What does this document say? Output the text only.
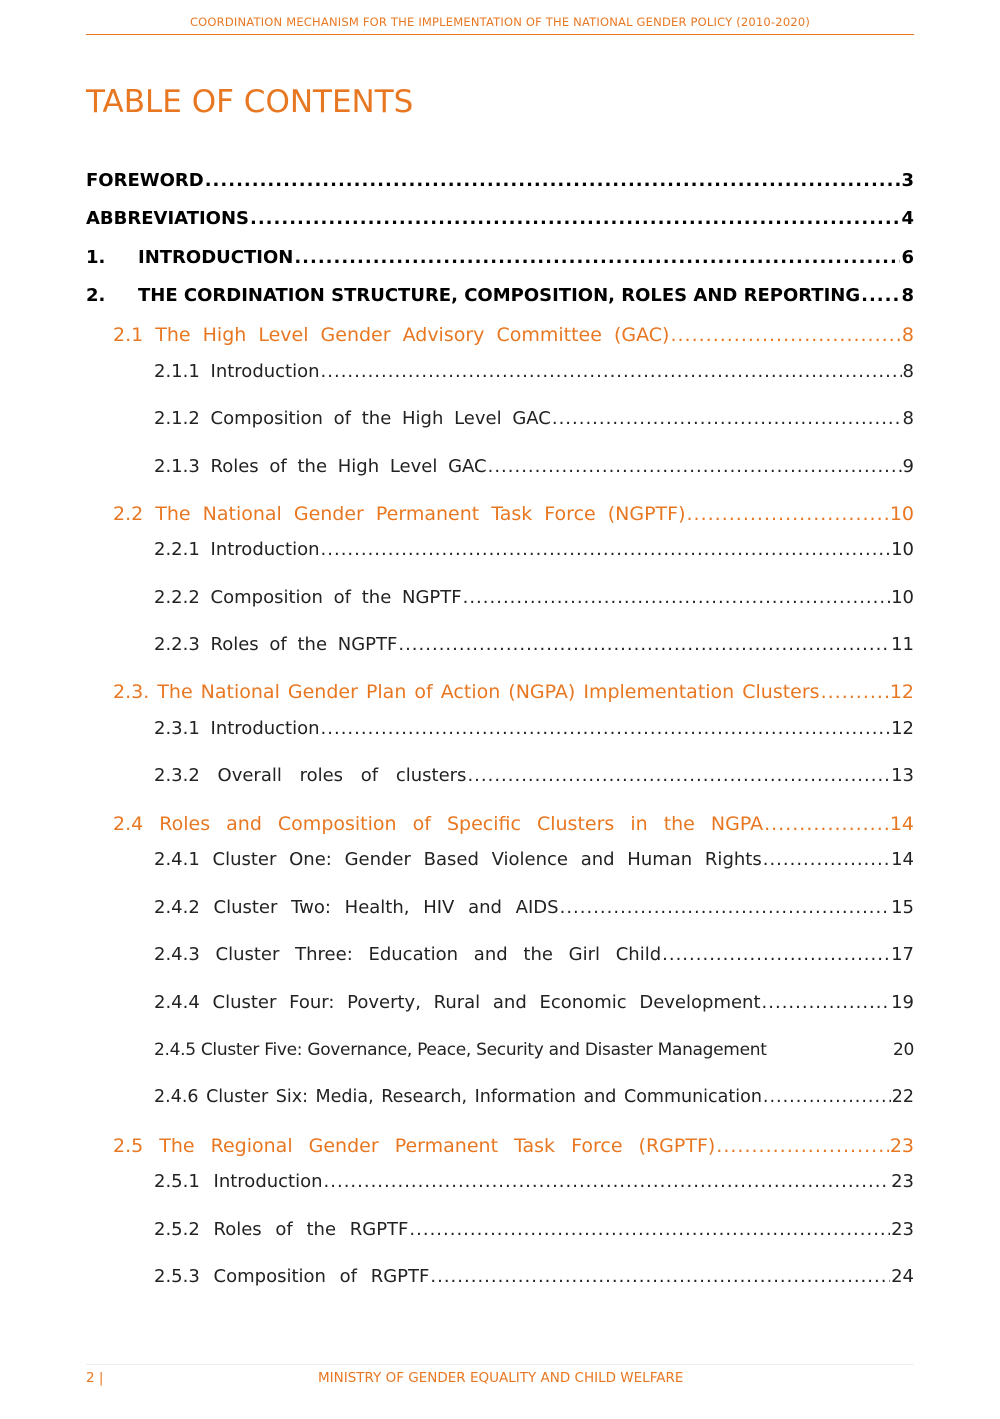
COORDINATION MECHANISM FOR THE IMPLEMENTATION OF THE NATIONAL GENDER POLICY (2010-2020)
TABLE OF CONTENTS
FOREWORD .....	3
ABBREVIATIONS .....	4
1.	INTRODUCTION .....	6
2.	THE CORDINATION STRUCTURE, COMPOSITION, ROLES AND REPORTING ..... 8
2.1 The High Level Gender Advisory Committee (GAC) .....	8
2.1.1 Introduction .....	8
2.1.2 Composition of the High Level GAC .....	8
2.1.3 Roles of the High Level GAC .....	9
2.2 The National Gender Permanent Task Force (NGPTF) .....	10
2.2.1 Introduction .....	10
2.2.2 Composition of the NGPTF .....	10
2.2.3 Roles of the NGPTF .....	11
2.3. The National Gender Plan of Action (NGPA) Implementation Clusters .....	12
2.3.1 Introduction .....	12
2.3.2 Overall roles of clusters .....	13
2.4 Roles and Composition of Specific Clusters in the NGPA .....	14
2.4.1 Cluster One: Gender Based Violence and Human Rights .....	14
2.4.2 Cluster Two: Health, HIV and AIDS .....	15
2.4.3 Cluster Three: Education and the Girl Child .....	17
2.4.4 Cluster Four: Poverty, Rural and Economic Development .....	19
2.4.5 Cluster Five: Governance, Peace, Security and Disaster Management	20
2.4.6 Cluster Six: Media, Research, Information and Communication .....	22
2.5 The Regional Gender Permanent Task Force (RGPTF) .....	23
2.5.1 Introduction .....	23
2.5.2 Roles of the RGPTF .....	23
2.5.3 Composition of RGPTF .....	24
2 |	MINISTRY OF GENDER EQUALITY AND CHILD WELFARE
